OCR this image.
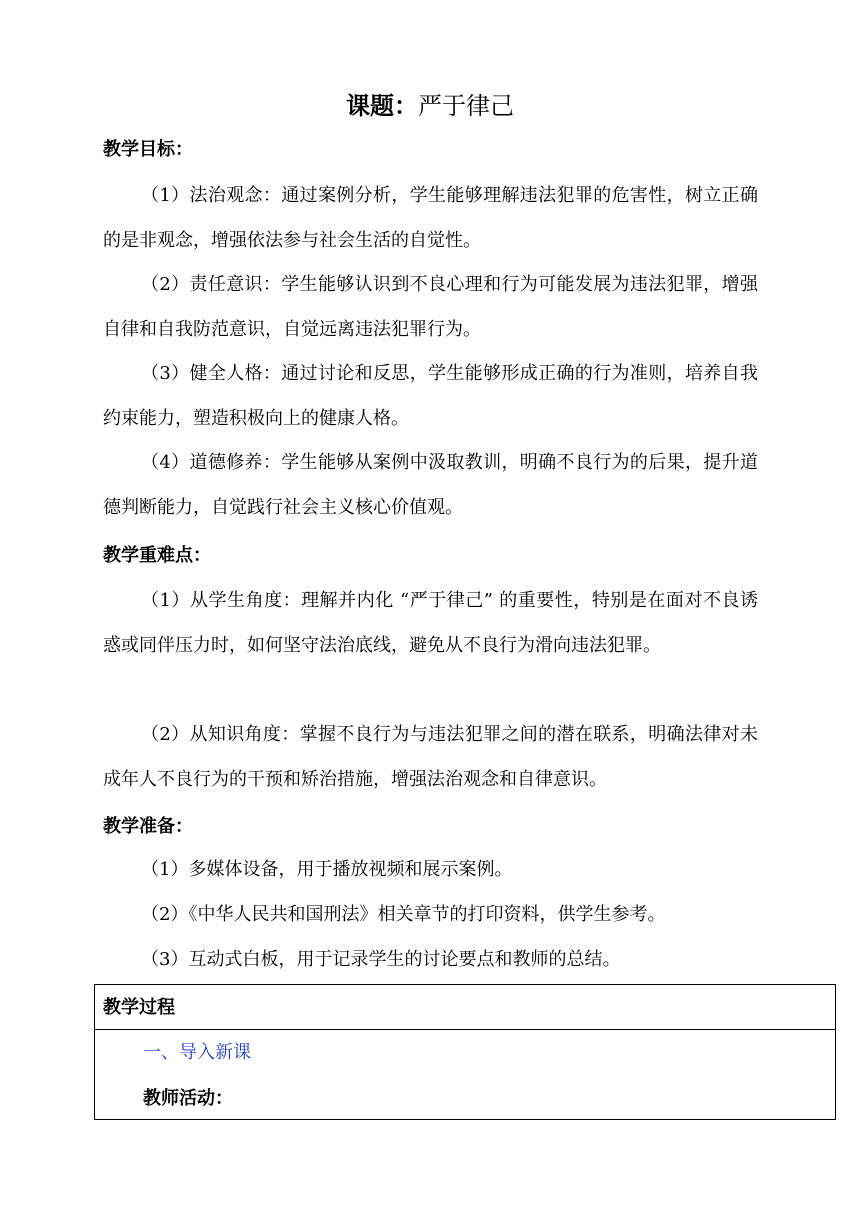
课题：严于律己
教学目标：
（1）法治观念：通过案例分析，学生能够理解违法犯罪的危害性，树立正确的是非观念，增强依法参与社会生活的自觉性。
（2）责任意识：学生能够认识到不良心理和行为可能发展为违法犯罪，增强自律和自我防范意识，自觉远离违法犯罪行为。
（3）健全人格：通过讨论和反思，学生能够形成正确的行为准则，培养自我约束能力，塑造积极向上的健康人格。
（4）道德修养：学生能够从案例中汲取教训，明确不良行为的后果，提升道德判断能力，自觉践行社会主义核心价值观。
教学重难点：
（1）从学生角度：理解并内化 “严于律己” 的重要性，特别是在面对不良诱惑或同伴压力时，如何坚守法治底线，避免从不良行为滑向违法犯罪。
（2）从知识角度：掌握不良行为与违法犯罪之间的潜在联系，明确法律对未成年人不良行为的干预和矫治措施，增强法治观念和自律意识。
教学准备：
（1）多媒体设备，用于播放视频和展示案例。
（2）《中华人民共和国刑法》相关章节的打印资料，供学生参考。
（3）互动式白板，用于记录学生的讨论要点和教师的总结。
教学过程
一、导入新课
教师活动：
